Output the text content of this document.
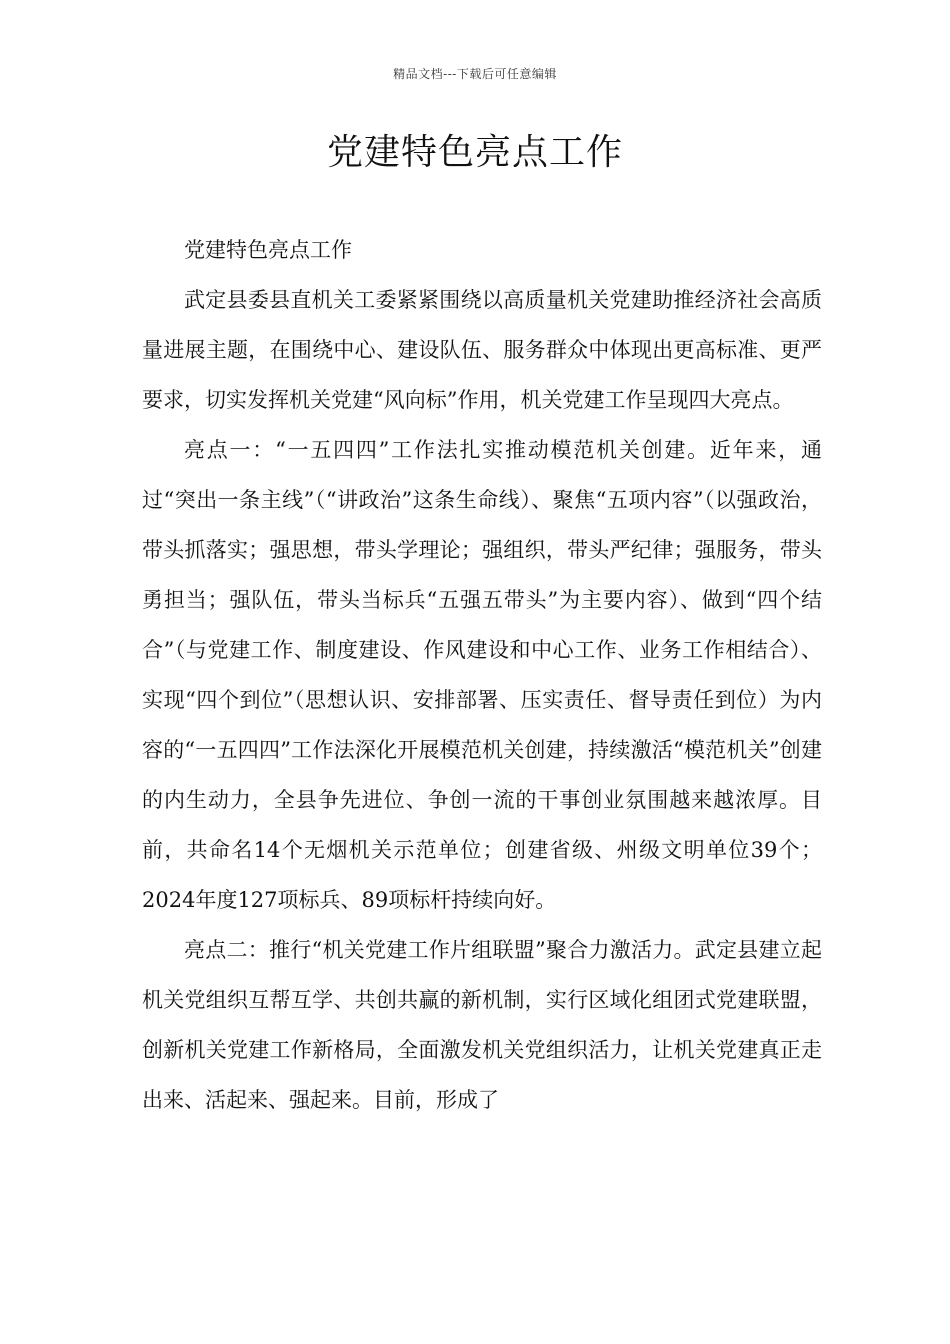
精品文档---下载后可任意编辑
党建特色亮点工作

党建特色亮点工作

武定县委县直机关工委紧紧围绕以高质量机关党建助推经济社会高质量进展主题，在围绕中心、建设队伍、服务群众中体现出更高标准、更严要求，切实发挥机关党建“风向标”作用，机关党建工作呈现四大亮点。

亮点一：“一五四四”工作法扎实推动模范机关创建。近年来，通过“突出一条主线”（“讲政治”这条生命线）、聚焦“五项内容”（以强政治，带头抓落实；强思想，带头学理论；强组织，带头严纪律；强服务，带头勇担当；强队伍，带头当标兵“五强五带头”为主要内容）、做到“四个结合”（与党建工作、制度建设、作风建设和中心工作、业务工作相结合）、实现“四个到位”（思想认识、安排部署、压实责任、督导责任到位）为内容的“一五四四”工作法深化开展模范机关创建，持续激活“模范机关”创建的内生动力，全县争先进位、争创一流的干事创业氛围越来越浓厚。目前，共命名14个无烟机关示范单位；创建省级、州级文明单位39个；2024年度127项标兵、89项标杆持续向好。

亮点二：推行“机关党建工作片组联盟”聚合力激活力。武定县建立起机关党组织互帮互学、共创共赢的新机制，实行区域化组团式党建联盟，创新机关党建工作新格局，全面激发机关党组织活力，让机关党建真正走出来、活起来、强起来。目前，形成了
